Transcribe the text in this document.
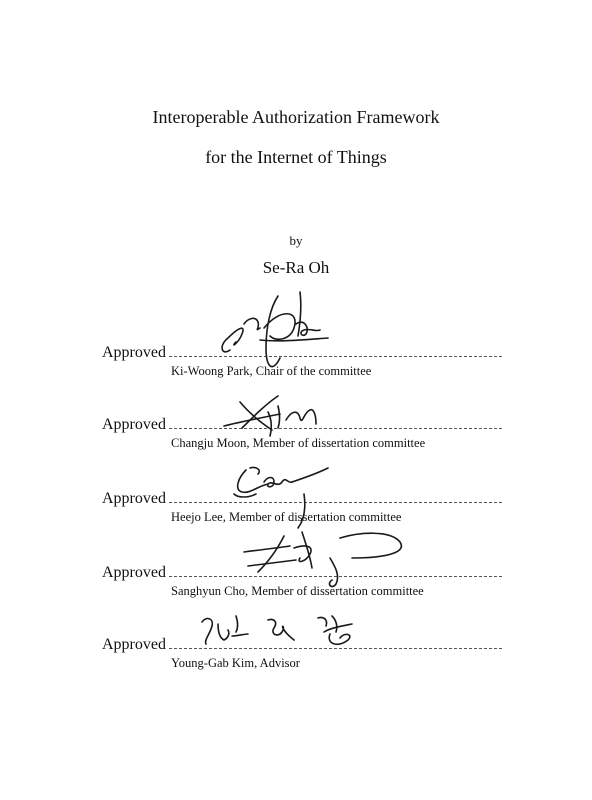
Interoperable Authorization Framework
for the Internet of Things
by
Se-Ra Oh
Approved
Ki-Woong Park, Chair of the committee
Approved
Changju Moon, Member of dissertation committee
Approved
Heejo Lee, Member of dissertation committee
Approved
Sanghyun Cho, Member of dissertation committee
Approved
Young-Gab Kim, Advisor
